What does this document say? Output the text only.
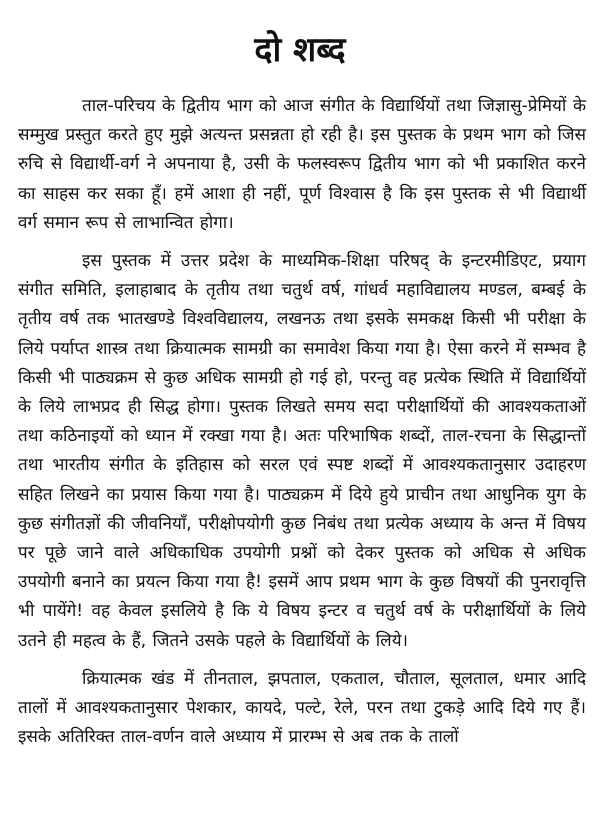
दो शब्द

ताल-परिचय के द्वितीय भाग को आज संगीत के विद्यार्थियों तथा जिज्ञासु-प्रेमियों के सम्मुख प्रस्तुत करते हुए मुझे अत्यन्त प्रसन्नता हो रही है। इस पुस्तक के प्रथम भाग को जिस रुचि से विद्यार्थी-वर्ग ने अपनाया है, उसी के फलस्वरूप द्वितीय भाग को भी प्रकाशित करने का साहस कर सका हूँ। हमें आशा ही नहीं, पूर्ण विश्वास है कि इस पुस्तक से भी विद्यार्थी वर्ग समान रूप से लाभान्वित होगा।

इस पुस्तक में उत्तर प्रदेश के माध्यमिक-शिक्षा परिषद् के इन्टरमीडिएट, प्रयाग संगीत समिति, इलाहाबाद के तृतीय तथा चतुर्थ वर्ष, गांधर्व महाविद्यालय मण्डल, बम्बई के तृतीय वर्ष तक भातखण्डे विश्वविद्यालय, लखनऊ तथा इसके समकक्ष किसी भी परीक्षा के लिये पर्याप्त शास्त्र तथा क्रियात्मक सामग्री का समावेश किया गया है। ऐसा करने में सम्भव है किसी भी पाठ्यक्रम से कुछ अधिक सामग्री हो गई हो, परन्तु वह प्रत्येक स्थिति में विद्यार्थियों के लिये लाभप्रद ही सिद्ध होगा। पुस्तक लिखते समय सदा परीक्षार्थियों की आवश्यकताओं तथा कठिनाइयों को ध्यान में रक्खा गया है। अतः परिभाषिक शब्दों, ताल-रचना के सिद्धान्तों तथा भारतीय संगीत के इतिहास को सरल एवं स्पष्ट शब्दों में आवश्यकतानुसार उदाहरण सहित लिखने का प्रयास किया गया है। पाठ्यक्रम में दिये हुये प्राचीन तथा आधुनिक युग के कुछ संगीतज्ञों की जीवनियाँ, परीक्षोपयोगी कुछ निबंध तथा प्रत्येक अध्याय के अन्त में विषय पर पूछे जाने वाले अधिकाधिक उपयोगी प्रश्नों को देकर पुस्तक को अधिक से अधिक उपयोगी बनाने का प्रयत्न किया गया है! इसमें आप प्रथम भाग के कुछ विषयों की पुनरावृत्ति भी पायेंगे! वह केवल इसलिये है कि ये विषय इन्टर व चतुर्थ वर्ष के परीक्षार्थियों के लिये उतने ही महत्व के हैं, जितने उसके पहले के विद्यार्थियों के लिये।

क्रियात्मक खंड में तीनताल, झपताल, एकताल, चौताल, सूलताल, धमार आदि तालों में आवश्यकतानुसार पेशकार, कायदे, पल्टे, रेले, परन तथा टुकड़े आदि दिये गए हैं। इसके अतिरिक्त ताल-वर्णन वाले अध्याय में प्रारम्भ से अब तक के तालों
